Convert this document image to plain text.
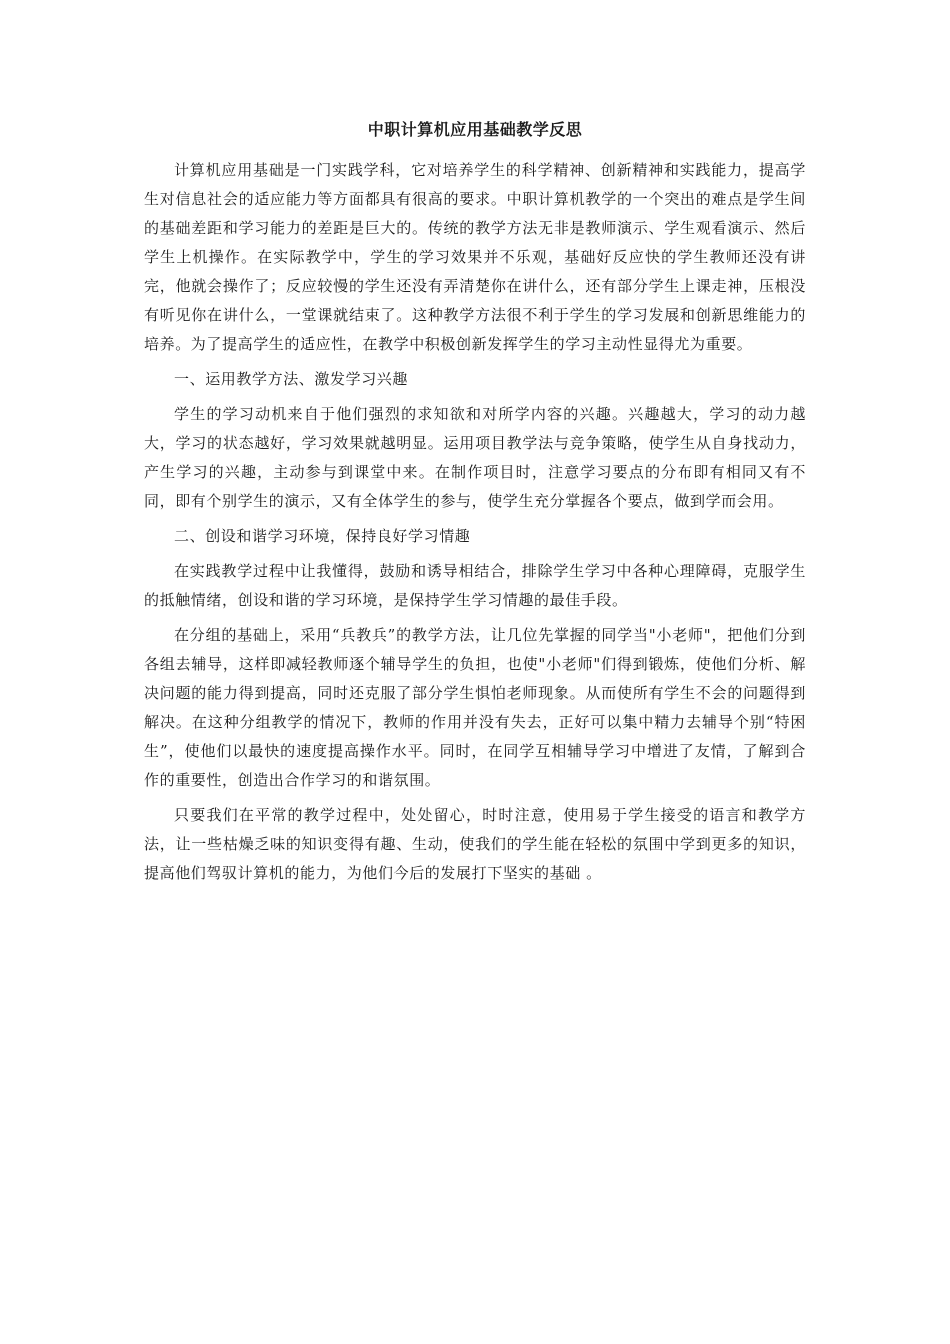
中职计算机应用基础教学反思

计算机应用基础是一门实践学科，它对培养学生的科学精神、创新精神和实践能力，提高学生对信息社会的适应能力等方面都具有很高的要求。中职计算机教学的一个突出的难点是学生间的基础差距和学习能力的差距是巨大的。传统的教学方法无非是教师演示、学生观看演示、然后学生上机操作。在实际教学中，学生的学习效果并不乐观，基础好反应快的学生教师还没有讲完，他就会操作了；反应较慢的学生还没有弄清楚你在讲什么，还有部分学生上课走神，压根没有听见你在讲什么，一堂课就结束了。这种教学方法很不利于学生的学习发展和创新思维能力的培养。为了提高学生的适应性，在教学中积极创新发挥学生的学习主动性显得尤为重要。

一、运用教学方法、激发学习兴趣

学生的学习动机来自于他们强烈的求知欲和对所学内容的兴趣。兴趣越大，学习的动力越大，学习的状态越好，学习效果就越明显。运用项目教学法与竞争策略，使学生从自身找动力，产生学习的兴趣，主动参与到课堂中来。在制作项目时，注意学习要点的分布即有相同又有不同，即有个别学生的演示，又有全体学生的参与，使学生充分掌握各个要点，做到学而会用。

二、创设和谐学习环境，保持良好学习情趣

在实践教学过程中让我懂得，鼓励和诱导相结合，排除学生学习中各种心理障碍，克服学生的抵触情绪，创设和谐的学习环境，是保持学生学习情趣的最佳手段。

在分组的基础上，采用“兵教兵”的教学方法，让几位先掌握的同学当"小老师"，把他们分到各组去辅导，这样即减轻教师逐个辅导学生的负担，也使"小老师"们得到锻炼，使他们分析、解决问题的能力得到提高，同时还克服了部分学生惧怕老师现象。从而使所有学生不会的问题得到解决。在这种分组教学的情况下，教师的作用并没有失去，正好可以集中精力去辅导个别“特困生”，使他们以最快的速度提高操作水平。同时，在同学互相辅导学习中增进了友情，了解到合作的重要性，创造出合作学习的和谐氛围。

只要我们在平常的教学过程中，处处留心，时时注意，使用易于学生接受的语言和教学方法，让一些枯燥乏味的知识变得有趣、生动，使我们的学生能在轻松的氛围中学到更多的知识，提高他们驾驭计算机的能力，为他们今后的发展打下坚实的基础 。
